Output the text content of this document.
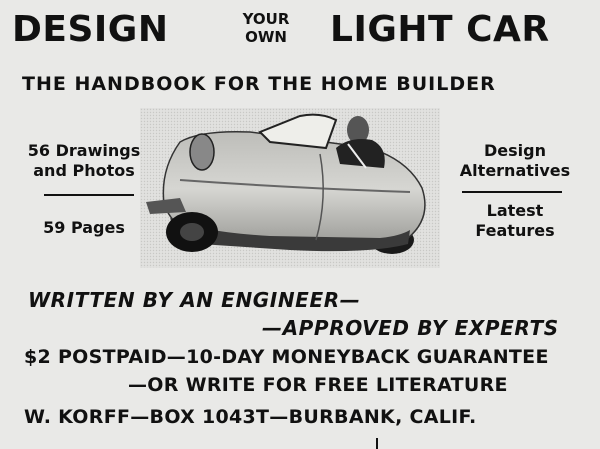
DESIGN	YOUR
OWN	LIGHT CAR
THE HANDBOOK FOR THE HOME BUILDER
56 Drawings
and Photos
59 Pages
Design
Alternatives
Latest
Features
WRITTEN BY AN ENGINEER—
—APPROVED BY EXPERTS
$2 POSTPAID—10-DAY MONEYBACK GUARANTEE
—OR WRITE FOR FREE LITERATURE
W. KORFF—BOX 1043T—BURBANK, CALIF.
